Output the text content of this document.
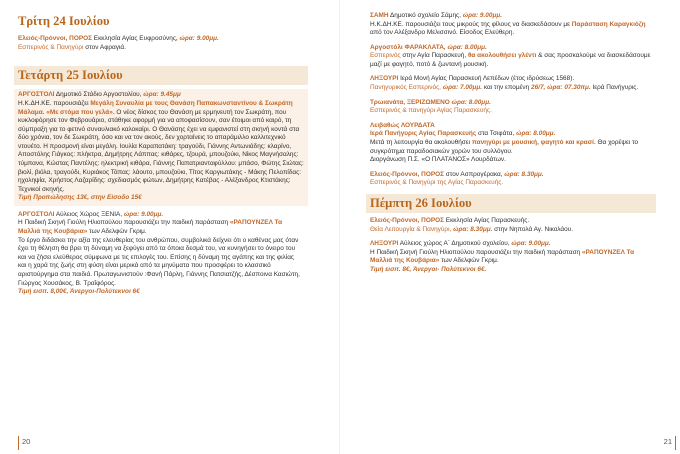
Τρίτη 24 Ιουλίου

Ελειός-Πρόννοι, ΠΟΡΟΣ Εκκλησία Αγίας Ευφροσύνης, ώρα: 9.00μμ.

Εσπερινός & Πανηγύρι στον Αφραγιά.

Τετάρτη 25 Ιουλίου

ΑΡΓΟΣΤΟΛΙ Δημοτικό Στάδιο Αργοστολίου, ώρα: 9.45μμ

Η.Κ.ΔΗ.ΚΕ. παρουσιάζει Μεγάλη Συναυλία με τους Θανάση Παπακωνσταντίνου & Σωκράτη Μάλαμα. «Με στόμα που γελά». Ο νέος δίσκος του Θανάση με ερμηνευτή τον Σωκράτη, που κυκλοφόρησε τον Φεβρουάριο, στάθηκε αφορμή για να αποφασίσουν, σαν έτοιμοι από καιρό, τη σύμπραξη για το φετινό συναυλιακό καλοκαίρι. Ο Θανάσης έχει να εμφανιστεί στη σκηνή κοντά στα δύο χρόνια, τον δε Σωκράτη, όσο και να τον ακούς, δεν χορταίνεις το απαράμιλλο καλλιτεχνικό ντουέτο. Η προσμονή είναι μεγάλη. Ιουλία Καραπατάκη: τραγούδι, Γιάννης Αντωνιάδης: κλαρίνο, Αποστόλης Γιάγκος: πλήκτρα, Δημήτρης Λάππας: κιθάρες, τζουρά, μπουζούκι, Νίκος Μαγνήσαλης: τύμπανα, Κώστας Παντέλης: ηλεκτρική κιθάρα, Γιάννης Παπατριανταφύλλου: μπάσο, Φώτης Σιώτας: βιολί, βιόλα, τραγούδι, Κυριάκος Τάπας: λάουτο, μπουζούκι, Τίτος Καργιωτάκης - Μάκης Πελοπίδας: ηχοληψία, Χρήστος Λαζαρίδης: σχεδιασμός φώτων, Δημήτρης Κατέβας - Αλέξανδρος Κτιστάκης: Τεχνικοί σκηνής.

Τιμή Προπώλησης 13€, στην Είσοδο 15€

ΑΡΓΟΣΤΟΛΙ Αύλειος Χώρος ΞΕΝΙΑ, ώρα: 9.00μμ.

Η Παιδική Σκηνή Γιούλη Ηλιοπούλου παρουσιάζει την παιδική παράσταση «ΡΑΠΟΥΝΖΕΛ Τα Μαλλιά της Κουβάρια» των Αδελφών Γκριμ.

Το έργο διδάσκει την αξία της ελευθερίας του ανθρώπου, συμβολικά δείχνει ότι ο καθένας μας όταν έχει τη θέληση θα βρει τη δύναμη να ξεφύγει από τα όποια δεσμά του, να κυνηγήσει το όνειρο του και να ζήσει ελεύθερος σύμφωνα με τις επιλογές του. Επίσης η δύναμη της αγάπης και της φιλίας και η χαρά της ζωής στη φύση είναι μερικά από τα μηνύματα που προσφέρει το κλασσικό αριστούργημα στα παιδιά. Πρωταγωνιστούν :Φανή Πάρλη, Γιάννης Πατσιατζής, Δέσποινα Κασιώτη, Γιώργος Χουσάκος, Β. Τραΐφόρος.

Τιμή εισιτ. 8,00€, Άνεργοι-Πολύτεκνοι 6€

20

ΣΑΜΗ Δημοτικό σχολείο Σάμης, ώρα: 9.00μμ.

Η.Κ.ΔΗ.ΚΕ. παρουσιάζει τους μικρούς της φίλους να διασκεδάσουν με Παράσταση Καραγκιόζη από τον Αλέξανδρο Μελισσινό. Είσοδος Ελεύθερη.

Αργοστόλι ΦΑΡΑΚΛΑΤΑ, ώρα: 8.00μμ.

Εσπερινός στην Αγία Παρασκευή, θα ακολουθήσει γλέντι & σας προσκαλούμε να διασκεδάσουμε μαζί με φαγητό, ποτό & ζωντανή μουσική.

ΛΗΞΟΥΡΙ Ιερά Μονή Αγίας Παρασκευή Λεπέδων (έτος ιδρύσεως 1568).

Πανηγυρικός Εσπερινός, ώρα: 7.00μμ. και την επομένη 26/7, ώρα: 07.30πμ. Ιερά Πανήγυρις.

Τρωιανάτα, ΞΕΡΙΖΩΜΕΝΟ ώρα: 8.00μμ.

Εσπερινός & πανηγύρι Αγίας Παρασκευής.

Λειβαθώς ΛΟΥΡΔΑΤΑ

Ιερά Πανήγυρις Αγίας Παρασκευής στα Τσιφάτα, ώρα: 8.00μμ.

Μετά τη λειτουργία θα ακολουθήσει πανηγύρι με μουσική, φαγητό και κρασί. Θα χορέψει το συγκρότημα παραδοσιακών χορών του συλλόγου.

Διοργάνωση Π.Σ. «Ο ΠΛΑΤΑΝΟΣ» Λουρδάτων.

Ελειός-Πρόννοι, ΠΟΡΟΣ στον Ασπρογέρακα, ώρα: 8.30μμ.

Εσπερινός & Πανηγύρι της Αγίας Παρασκευής.

Πέμπτη 26 Ιουλίου

Ελειός-Πρόννοι, ΠΟΡΟΣ Εκκλησία Αγίας Παρασκευής.

Θεία Λειτουργία & Πανηγύρι, ώρα: 8.30μμ. στην Νηπολά Αγ. Νικολάου.

ΛΗΞΟΥΡΙ Αύλειος χώρος Α΄ Δημοτικού σχολείου, ώρα: 9.00μμ.

Η Παιδική Σκηνή Γιούλη Ηλιοπούλου παρουσιάζει την παιδική παράσταση «ΡΑΠΟΥΝΖΕΛ Τα Μαλλιά της Κουβάρια» των Αδελφών Γκριμ.

Τιμή εισιτ. 8€, Άνεργοι- Πολύτεκνοι 6€.

21
